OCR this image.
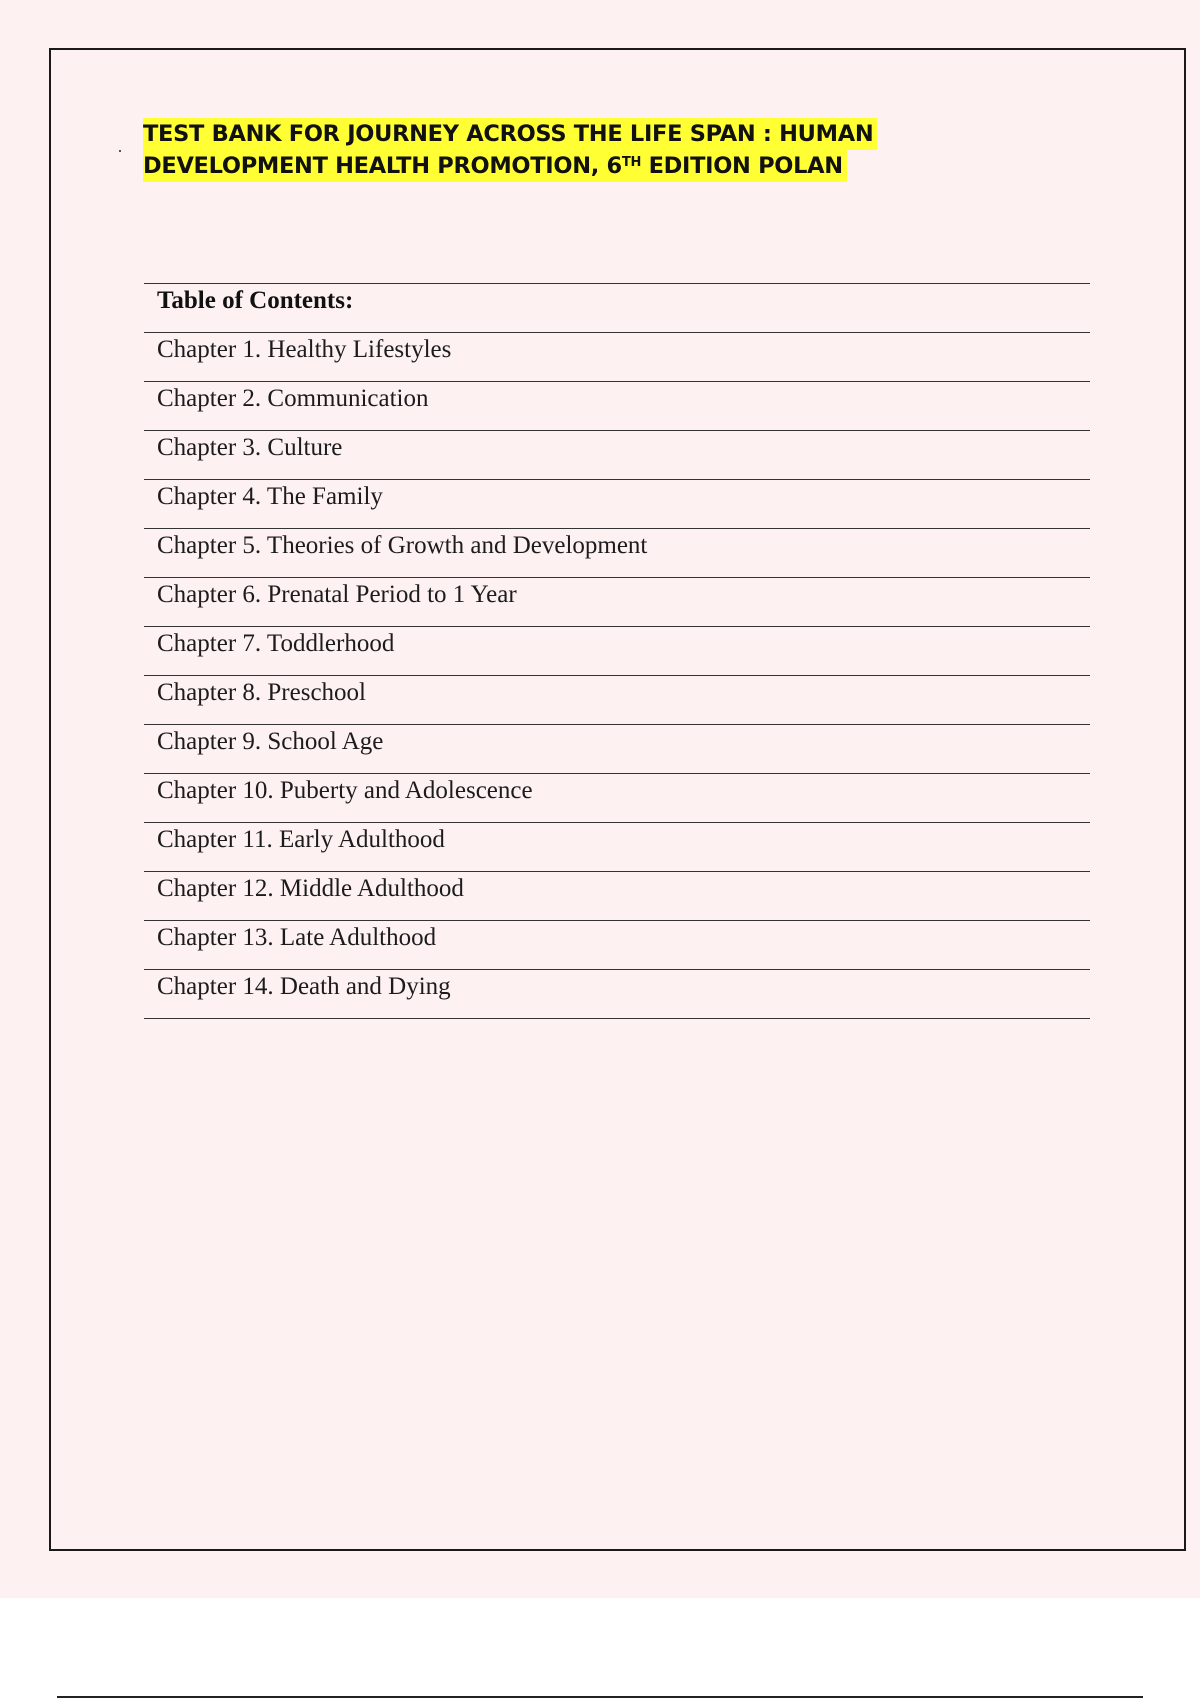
TEST BANK FOR JOURNEY ACROSS THE LIFE SPAN : HUMAN
DEVELOPMENT HEALTH PROMOTION, 6TH EDITION POLAN
Table of Contents:

Chapter 1. Healthy Lifestyles

Chapter 2. Communication

Chapter 3. Culture

Chapter 4. The Family

Chapter 5. Theories of Growth and Development

Chapter 6. Prenatal Period to 1 Year

Chapter 7. Toddlerhood

Chapter 8. Preschool

Chapter 9. School Age

Chapter 10. Puberty and Adolescence

Chapter 11. Early Adulthood

Chapter 12. Middle Adulthood

Chapter 13. Late Adulthood

Chapter 14. Death and Dying
